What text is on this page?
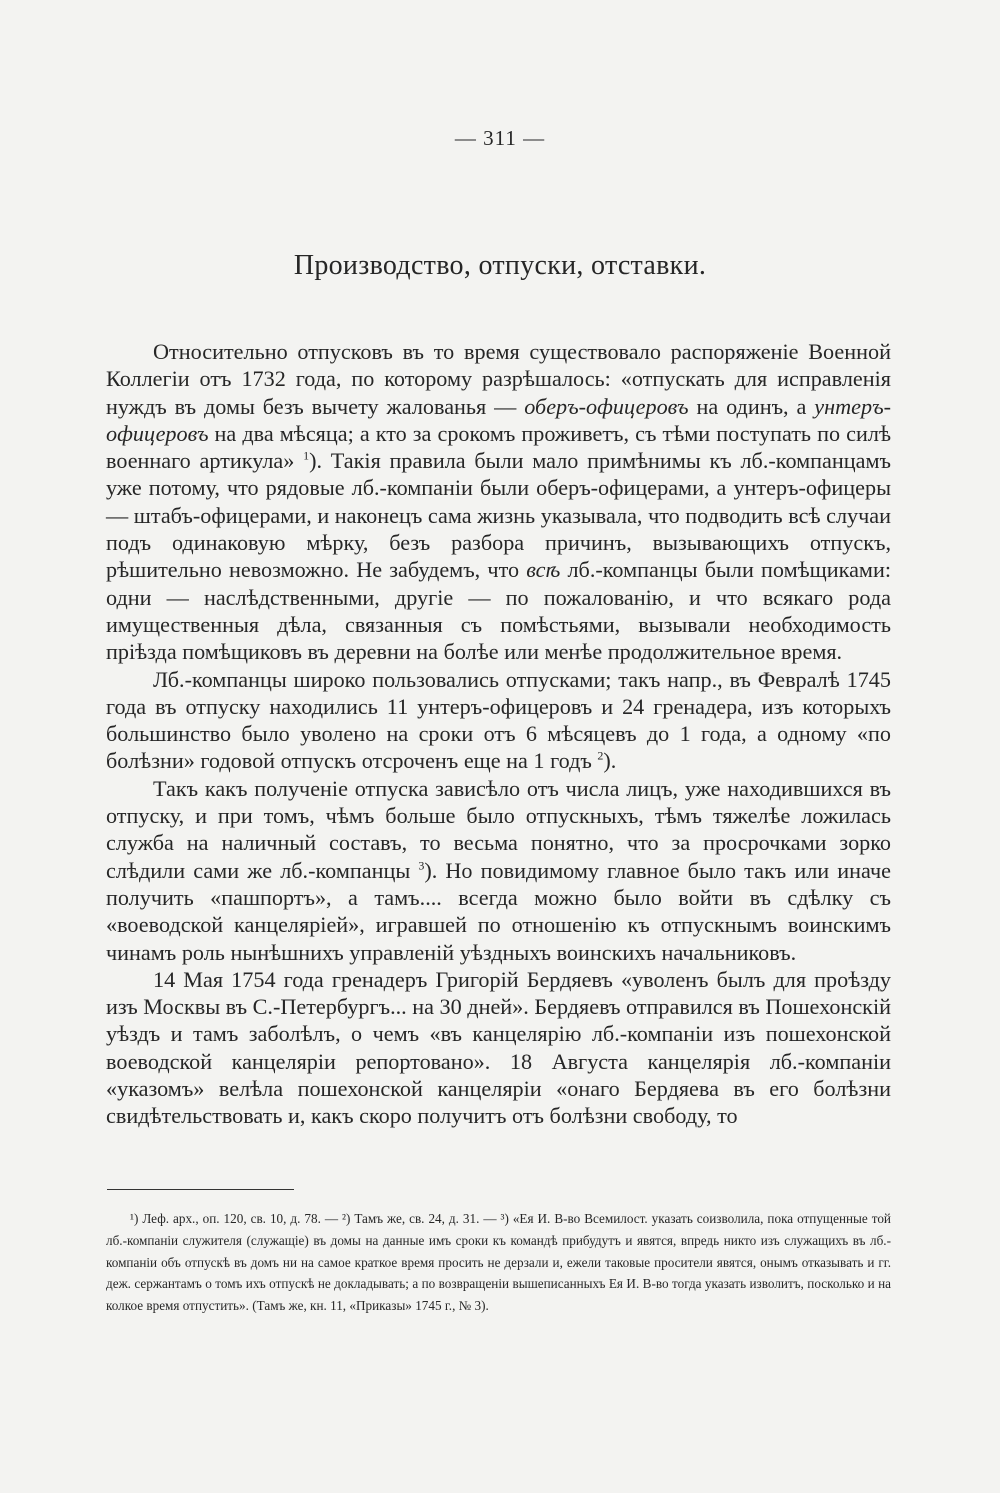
— 311 —
Производство, отпуски, отставки.

Относительно отпусковъ въ то время существовало распоряженіе Военной Коллегіи отъ 1732 года, по которому разрѣшалось: «отпускать для исправленія нуждъ въ домы безъ вычету жалованья — оберъ-офицеровъ на одинъ, а унтеръ-офицеровъ на два мѣсяца; а кто за срокомъ проживетъ, съ тѣми поступать по силѣ военнаго артикула» $^1$). Такія правила были мало примѣнимы къ лб.-компанцамъ уже потому, что рядовые лб.-компаніи были оберъ-офицерами, а унтеръ-офицеры — штабъ-офицерами, и наконецъ сама жизнь указывала, что подводить всѣ случаи подъ одинаковую мѣрку, безъ разбора причинъ, вызывающихъ отпускъ, рѣшительно невозможно. Не забудемъ, что всѣ лб.-компанцы были помѣщиками: одни — наслѣдственными, другіе — по пожалованію, и что всякаго рода имущественныя дѣла, связанныя съ помѣстьями, вызывали необходимость пріѣзда помѣщиковъ въ деревни на болѣе или менѣе продолжительное время.

Лб.-компанцы широко пользовались отпусками; такъ напр., въ Февралѣ 1745 года въ отпуску находились 11 унтеръ-офицеровъ и 24 гренадера, изъ которыхъ большинство было уволено на сроки отъ 6 мѣсяцевъ до 1 года, а одному «по болѣзни» годовой отпускъ отсроченъ еще на 1 годъ $^2$).

Такъ какъ полученіе отпуска зависѣло отъ числа лицъ, уже находившихся въ отпуску, и при томъ, чѣмъ больше было отпускныхъ, тѣмъ тяжелѣе ложилась служба на наличный составъ, то весьма понятно, что за просрочками зорко слѣдили сами же лб.-компанцы $^3$). Но повидимому главное было такъ или иначе получить «пашпортъ», а тамъ.... всегда можно было войти въ сдѣлку съ «воеводской канцеляріей», игравшей по отношенію къ отпускнымъ воинскимъ чинамъ роль нынѣшнихъ управленій уѣздныхъ воинскихъ начальниковъ.

14 Мая 1754 года гренадеръ Григорій Бердяевъ «уволенъ былъ для проѣзду изъ Москвы въ С.-Петербургъ... на 30 дней». Бердяевъ отправился въ Пошехонскій уѣздъ и тамъ заболѣлъ, о чемъ «въ канцелярію лб.-компаніи изъ пошехонской воеводской канцеляріи репортовано». 18 Августа канцелярія лб.-компаніи «указомъ» велѣла пошехонской канцеляріи «онаго Бердяева въ его болѣзни свидѣтельствовать и, какъ скоро получитъ отъ болѣзни свободу, то

¹) Леф. арх., оп. 120, св. 10, д. 78. — ²) Тамъ же, св. 24, д. 31. — ³) «Ея И. В-во Всемилост. указать соизволила, пока отпущенные той лб.-компаніи служителя (служащіе) въ домы на данные имъ сроки къ командѣ прибудутъ и явятся, впредь никто изъ служащихъ въ лб.-компаніи объ отпускѣ въ домъ ни на самое краткое время просить не дерзали и, ежели таковые просители явятся, онымъ отказывать и гг. деж. сержантамъ о томъ ихъ отпускѣ не докладывать; а по возвращеніи вышеписанныхъ Ея И. В-во тогда указать изволитъ, посколько и на колкое время отпустить». (Тамъ же, кн. 11, «Приказы» 1745 г., № 3).
